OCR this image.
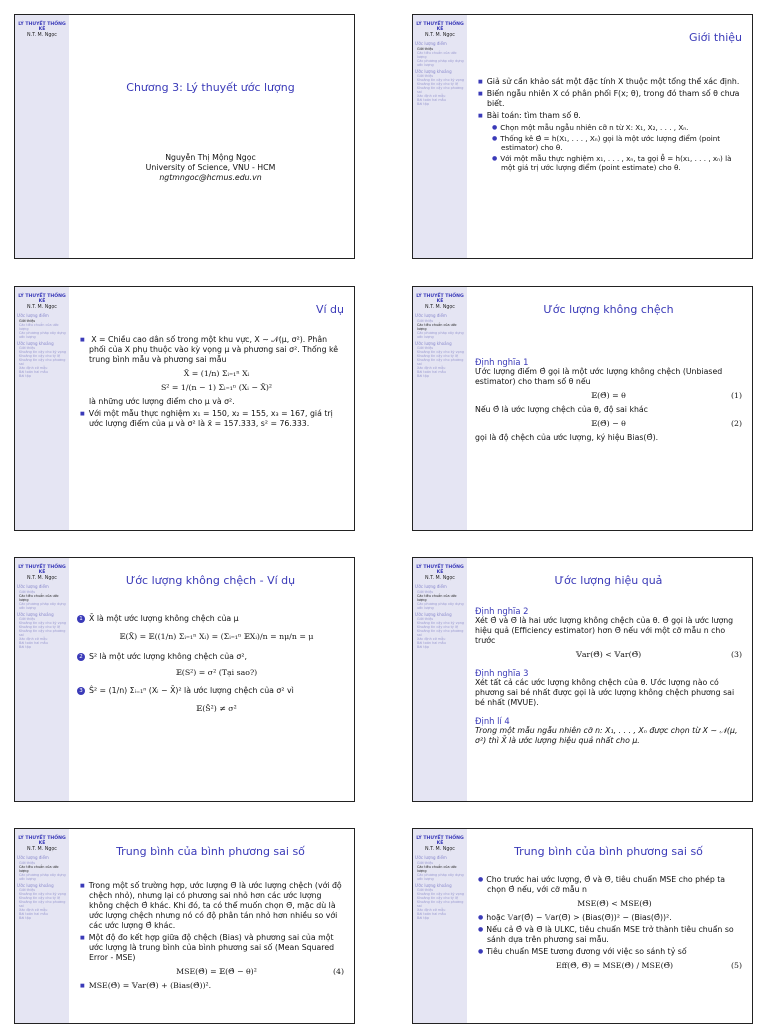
LÝ THUYẾT THỐNG KÊ
N.T. M. Ngọc
Chương 3: Lý thuyết ước lượng
Nguyễn Thị Mộng Ngọc
University of Science, VNU - HCM
ngtmngoc@hcmus.edu.vn
LÝ THUYẾT THỐNG KÊ
N.T. M. Ngọc
Ước lượng điểm
Giới thiệu
Các tiêu chuẩn của ước lượng
Các phương pháp xây dựng ước lượng
Ước lượng khoảng
Giới thiệu
Khoảng tin cậy cho kỳ vọng
Khoảng tin cậy cho tỷ lệ
Khoảng tin cậy cho phương sai
Xác định cỡ mẫu
Bài toán hai mẫu
Bài tập
Giới thiệu
■ Giả sử cần khảo sát một đặc tính X thuộc một tổng thể xác định.
■ Biến ngẫu nhiên X có phân phối F(x; θ), trong đó tham số θ chưa biết.
■ Bài toán: tìm tham số θ.
● Chọn một mẫu ngẫu nhiên cỡ n từ X: X₁, X₂, . . . , Xₙ.
● Thống kê Θ̂ = h(X₁, . . . , Xₙ) gọi là một ước lượng điểm (point estimator) cho θ.
● Với một mẫu thực nghiệm x₁, . . . , xₙ, ta gọi θ̂ = h(x₁, . . . , xₙ) là một giá trị ước lượng điểm (point estimate) cho θ.
LÝ THUYẾT THỐNG KÊ
N.T. M. Ngọc
Ước lượng điểm
Giới thiệu
Các tiêu chuẩn của ước lượng
Các phương pháp xây dựng ước lượng
Ước lượng khoảng
Giới thiệu
Khoảng tin cậy cho kỳ vọng
Khoảng tin cậy cho tỷ lệ
Khoảng tin cậy cho phương sai
Xác định cỡ mẫu
Bài toán hai mẫu
Bài tập
Ví dụ
■ X = Chiều cao dân số trong một khu vực, X ∼ 𝒩(μ, σ²). Phân phối của X phụ thuộc vào kỳ vọng μ và phương sai σ². Thống kê trung bình mẫu và phương sai mẫu
X̄ = (1/n) Σᵢ₌₁ⁿ Xᵢ
S² = 1/(n − 1) Σᵢ₌₁ⁿ (Xᵢ − X̄)²
là những ước lượng điểm cho μ và σ².
■ Với một mẫu thực nghiệm x₁ = 150, x₂ = 155, x₃ = 167, giá trị ước lượng điểm của μ và σ² là x̄ = 157.333, s² = 76.333.
LÝ THUYẾT THỐNG KÊ
N.T. M. Ngọc
Ước lượng điểm
Giới thiệu
Các tiêu chuẩn của ước lượng
Các phương pháp xây dựng ước lượng
Ước lượng khoảng
Giới thiệu
Khoảng tin cậy cho kỳ vọng
Khoảng tin cậy cho tỷ lệ
Khoảng tin cậy cho phương sai
Xác định cỡ mẫu
Bài toán hai mẫu
Bài tập
Ước lượng không chệch
Định nghĩa 1
Ước lượng điểm Θ̂ gọi là một ước lượng không chệch (Unbiased estimator) cho tham số θ nếu
𝔼(Θ̂) = θ	(1)
Nếu Θ̂ là ước lượng chệch của θ, độ sai khác
𝔼(Θ̂) − θ	(2)
gọi là độ chệch của ước lượng, ký hiệu Bias(Θ̂).
LÝ THUYẾT THỐNG KÊ
N.T. M. Ngọc
Ước lượng điểm
Giới thiệu
Các tiêu chuẩn của ước lượng
Các phương pháp xây dựng ước lượng
Ước lượng khoảng
Giới thiệu
Khoảng tin cậy cho kỳ vọng
Khoảng tin cậy cho tỷ lệ
Khoảng tin cậy cho phương sai
Xác định cỡ mẫu
Bài toán hai mẫu
Bài tập
Ước lượng không chệch - Ví dụ
1 X̄ là một ước lượng không chệch của μ
𝔼(X̄) = 𝔼((1/n) Σᵢ₌₁ⁿ Xᵢ) = (Σᵢ₌₁ⁿ 𝔼Xᵢ)/n = nμ/n = μ
2 S² là một ước lượng không chệch của σ²,
𝔼(S²) = σ² (Tại sao?)
3 Ŝ² = (1/n) Σᵢ₌₁ⁿ (Xᵢ − X̄)² là ước lượng chệch của σ² vì
𝔼(Ŝ²) ≠ σ²
LÝ THUYẾT THỐNG KÊ
N.T. M. Ngọc
Ước lượng điểm
Giới thiệu
Các tiêu chuẩn của ước lượng
Các phương pháp xây dựng ước lượng
Ước lượng khoảng
Giới thiệu
Khoảng tin cậy cho kỳ vọng
Khoảng tin cậy cho tỷ lệ
Khoảng tin cậy cho phương sai
Xác định cỡ mẫu
Bài toán hai mẫu
Bài tập
Ước lượng hiệu quả
Định nghĩa 2
Xét Θ̂ và Θ̃ là hai ước lượng không chệch của θ. Θ̂ gọi là ước lượng hiệu quả (Efficiency estimator) hơn Θ̃ nếu với một cỡ mẫu n cho trước
𝕍ar(Θ̂) < 𝕍ar(Θ̃)	(3)
Định nghĩa 3
Xét tất cả các ước lượng không chệch của θ. Ước lượng nào có phương sai bé nhất được gọi là ước lượng không chệch phương sai bé nhất (MVUE).
Định lí 4
Trong một mẫu ngẫu nhiên cỡ n: X₁, . . . , Xₙ được chọn từ X ∼ 𝒩(μ, σ²) thì X̄ là ước lượng hiệu quả nhất cho μ.
LÝ THUYẾT THỐNG KÊ
N.T. M. Ngọc
Ước lượng điểm
Giới thiệu
Các tiêu chuẩn của ước lượng
Các phương pháp xây dựng ước lượng
Ước lượng khoảng
Giới thiệu
Khoảng tin cậy cho kỳ vọng
Khoảng tin cậy cho tỷ lệ
Khoảng tin cậy cho phương sai
Xác định cỡ mẫu
Bài toán hai mẫu
Bài tập
Trung bình của bình phương sai số
■ Trong một số trường hợp, ước lượng Θ̃ là ước lượng chệch (với độ chệch nhỏ), nhưng lại có phương sai nhỏ hơn các ước lượng không chệch Θ̂ khác. Khi đó, ta có thể muốn chọn Θ̃, mặc dù là ước lượng chệch nhưng nó có độ phân tán nhỏ hơn nhiều so với các ước lượng Θ̂ khác.
■ Một độ đo kết hợp giữa độ chệch (Bias) và phương sai của một ước lượng là trung bình của bình phương sai số (Mean Squared Error - MSE)
MSE(Θ̂) = 𝔼(Θ̂ − θ)²	(4)
■ MSE(Θ̂) = 𝕍ar(Θ̂) + (Bias(Θ̂))².
LÝ THUYẾT THỐNG KÊ
N.T. M. Ngọc
Ước lượng điểm
Giới thiệu
Các tiêu chuẩn của ước lượng
Các phương pháp xây dựng ước lượng
Ước lượng khoảng
Giới thiệu
Khoảng tin cậy cho kỳ vọng
Khoảng tin cậy cho tỷ lệ
Khoảng tin cậy cho phương sai
Xác định cỡ mẫu
Bài toán hai mẫu
Bài tập
Trung bình của bình phương sai số
● Cho trước hai ước lượng, Θ̂ và Θ̃, tiêu chuẩn MSE cho phép ta chọn Θ̂ nếu, với cỡ mẫu n
MSE(Θ̂) < MSE(Θ̃)
● hoặc 𝕍ar(Θ̂) − 𝕍ar(Θ̃) > (Bias(Θ̃))² − (Bias(Θ̂))².
● Nếu cả Θ̂ và Θ̃ là ULKC, tiêu chuẩn MSE trở thành tiêu chuẩn so sánh dựa trên phương sai mẫu.
● Tiêu chuẩn MSE tương đương với việc so sánh tỷ số
Eff(Θ̂, Θ̃) = MSE(Θ̂) / MSE(Θ̃)	(5)
